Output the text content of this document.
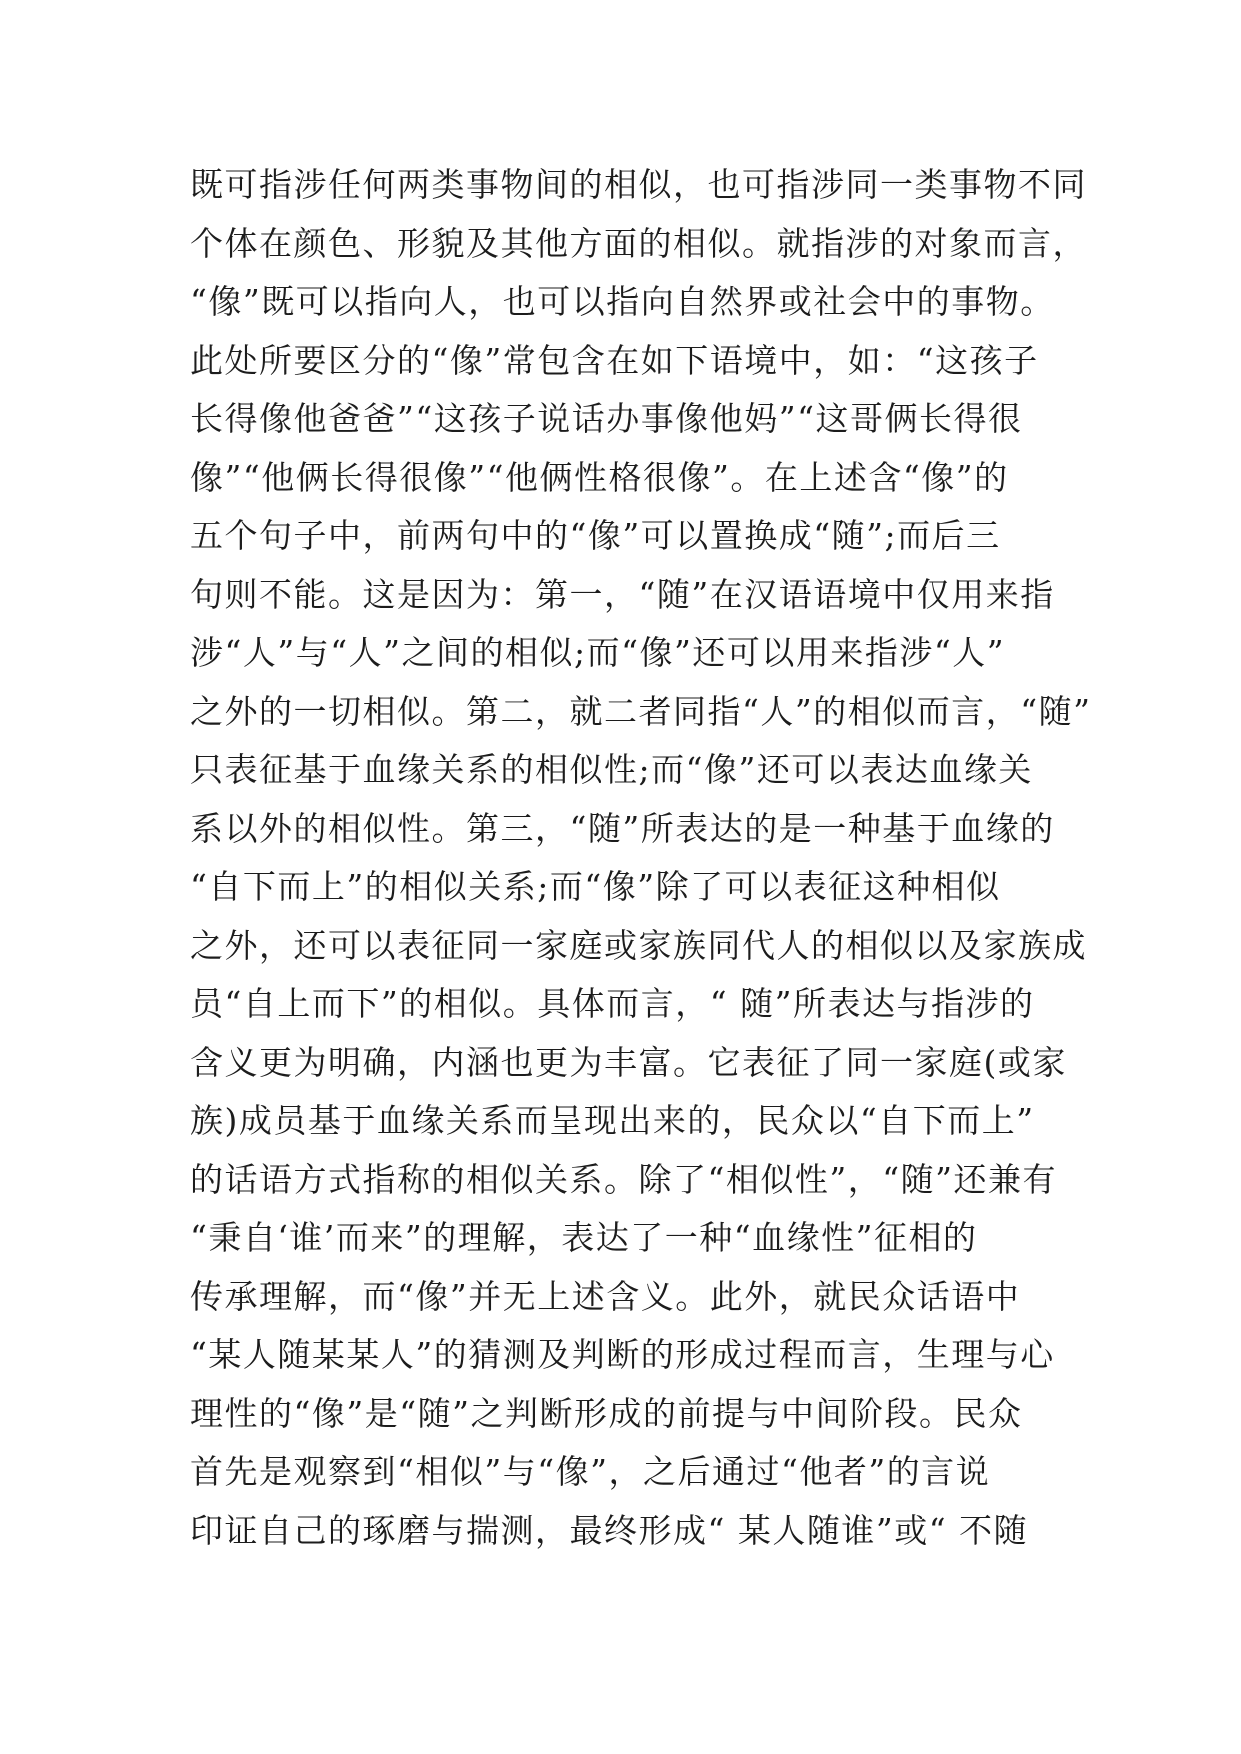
既可指涉任何两类事物间的相似，也可指涉同一类事物不同
个体在颜色、形貌及其他方面的相似。就指涉的对象而言，
“像”既可以指向人，也可以指向自然界或社会中的事物。
此处所要区分的“像”常包含在如下语境中，如：“这孩子
长得像他爸爸”“这孩子说话办事像他妈”“这哥俩长得很
像”“他俩长得很像”“他俩性格很像”。在上述含“像”的
五个句子中，前两句中的“像”可以置换成“随”;而后三
句则不能。这是因为：第一，“随”在汉语语境中仅用来指
涉“人”与“人”之间的相似;而“像”还可以用来指涉“人”
之外的一切相似。第二，就二者同指“人”的相似而言，“随”
只表征基于血缘关系的相似性;而“像”还可以表达血缘关
系以外的相似性。第三，“随”所表达的是一种基于血缘的
“自下而上”的相似关系;而“像”除了可以表征这种相似
之外，还可以表征同一家庭或家族同代人的相似以及家族成
员“自上而下”的相似。具体而言，“ 随”所表达与指涉的
含义更为明确，内涵也更为丰富。它表征了同一家庭(或家
族)成员基于血缘关系而呈现出来的，民众以“自下而上”
的话语方式指称的相似关系。除了“相似性”，“随”还兼有
“秉自‘谁’而来”的理解，表达了一种“血缘性”征相的
传承理解，而“像”并无上述含义。此外，就民众话语中
“某人随某某人”的猜测及判断的形成过程而言，生理与心
理性的“像”是“随”之判断形成的前提与中间阶段。民众
首先是观察到“相似”与“像”，之后通过“他者”的言说
印证自己的琢磨与揣测，最终形成“ 某人随谁”或“ 不随
